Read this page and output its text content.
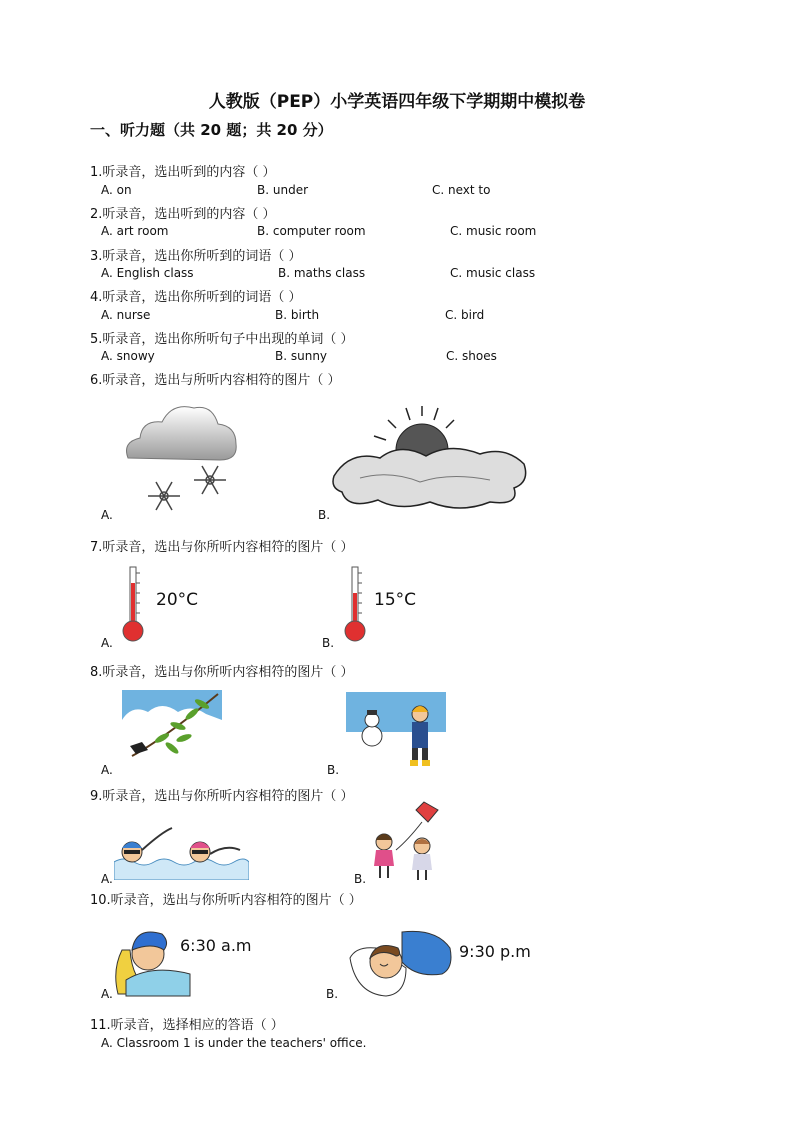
人教版（PEP）小学英语四年级下学期期中模拟卷
一、听力题（共 20 题；共 20 分）
1.听录音，选出听到的内容（ ）
A. on	B. under	C. next to
2.听录音，选出听到的内容（ ）
A. art room	B. computer room	C. music room
3.听录音，选出你所听到的词语（ ）
A. English class	B. maths class	C. music class
4.听录音，选出你所听到的词语（ ）
A. nurse	B. birth	C. bird
5.听录音，选出你所听句子中出现的单词（ ）
A. snowy	B. sunny	C. shoes
6.听录音，选出与所听内容相符的图片（ ）
A.	B.
7.听录音，选出与你所听内容相符的图片（ ）
20°C
A.
15°C
B.
8.听录音，选出与你所听内容相符的图片（ ）
A.	B.
9.听录音，选出与你所听内容相符的图片（ ）
A.	B.
10.听录音，选出与你所听内容相符的图片（ ）
6:30 a.m
A.
9:30 p.m
B.
11.听录音，选择相应的答语（ ）
A. Classroom 1 is under the teachers' office.
